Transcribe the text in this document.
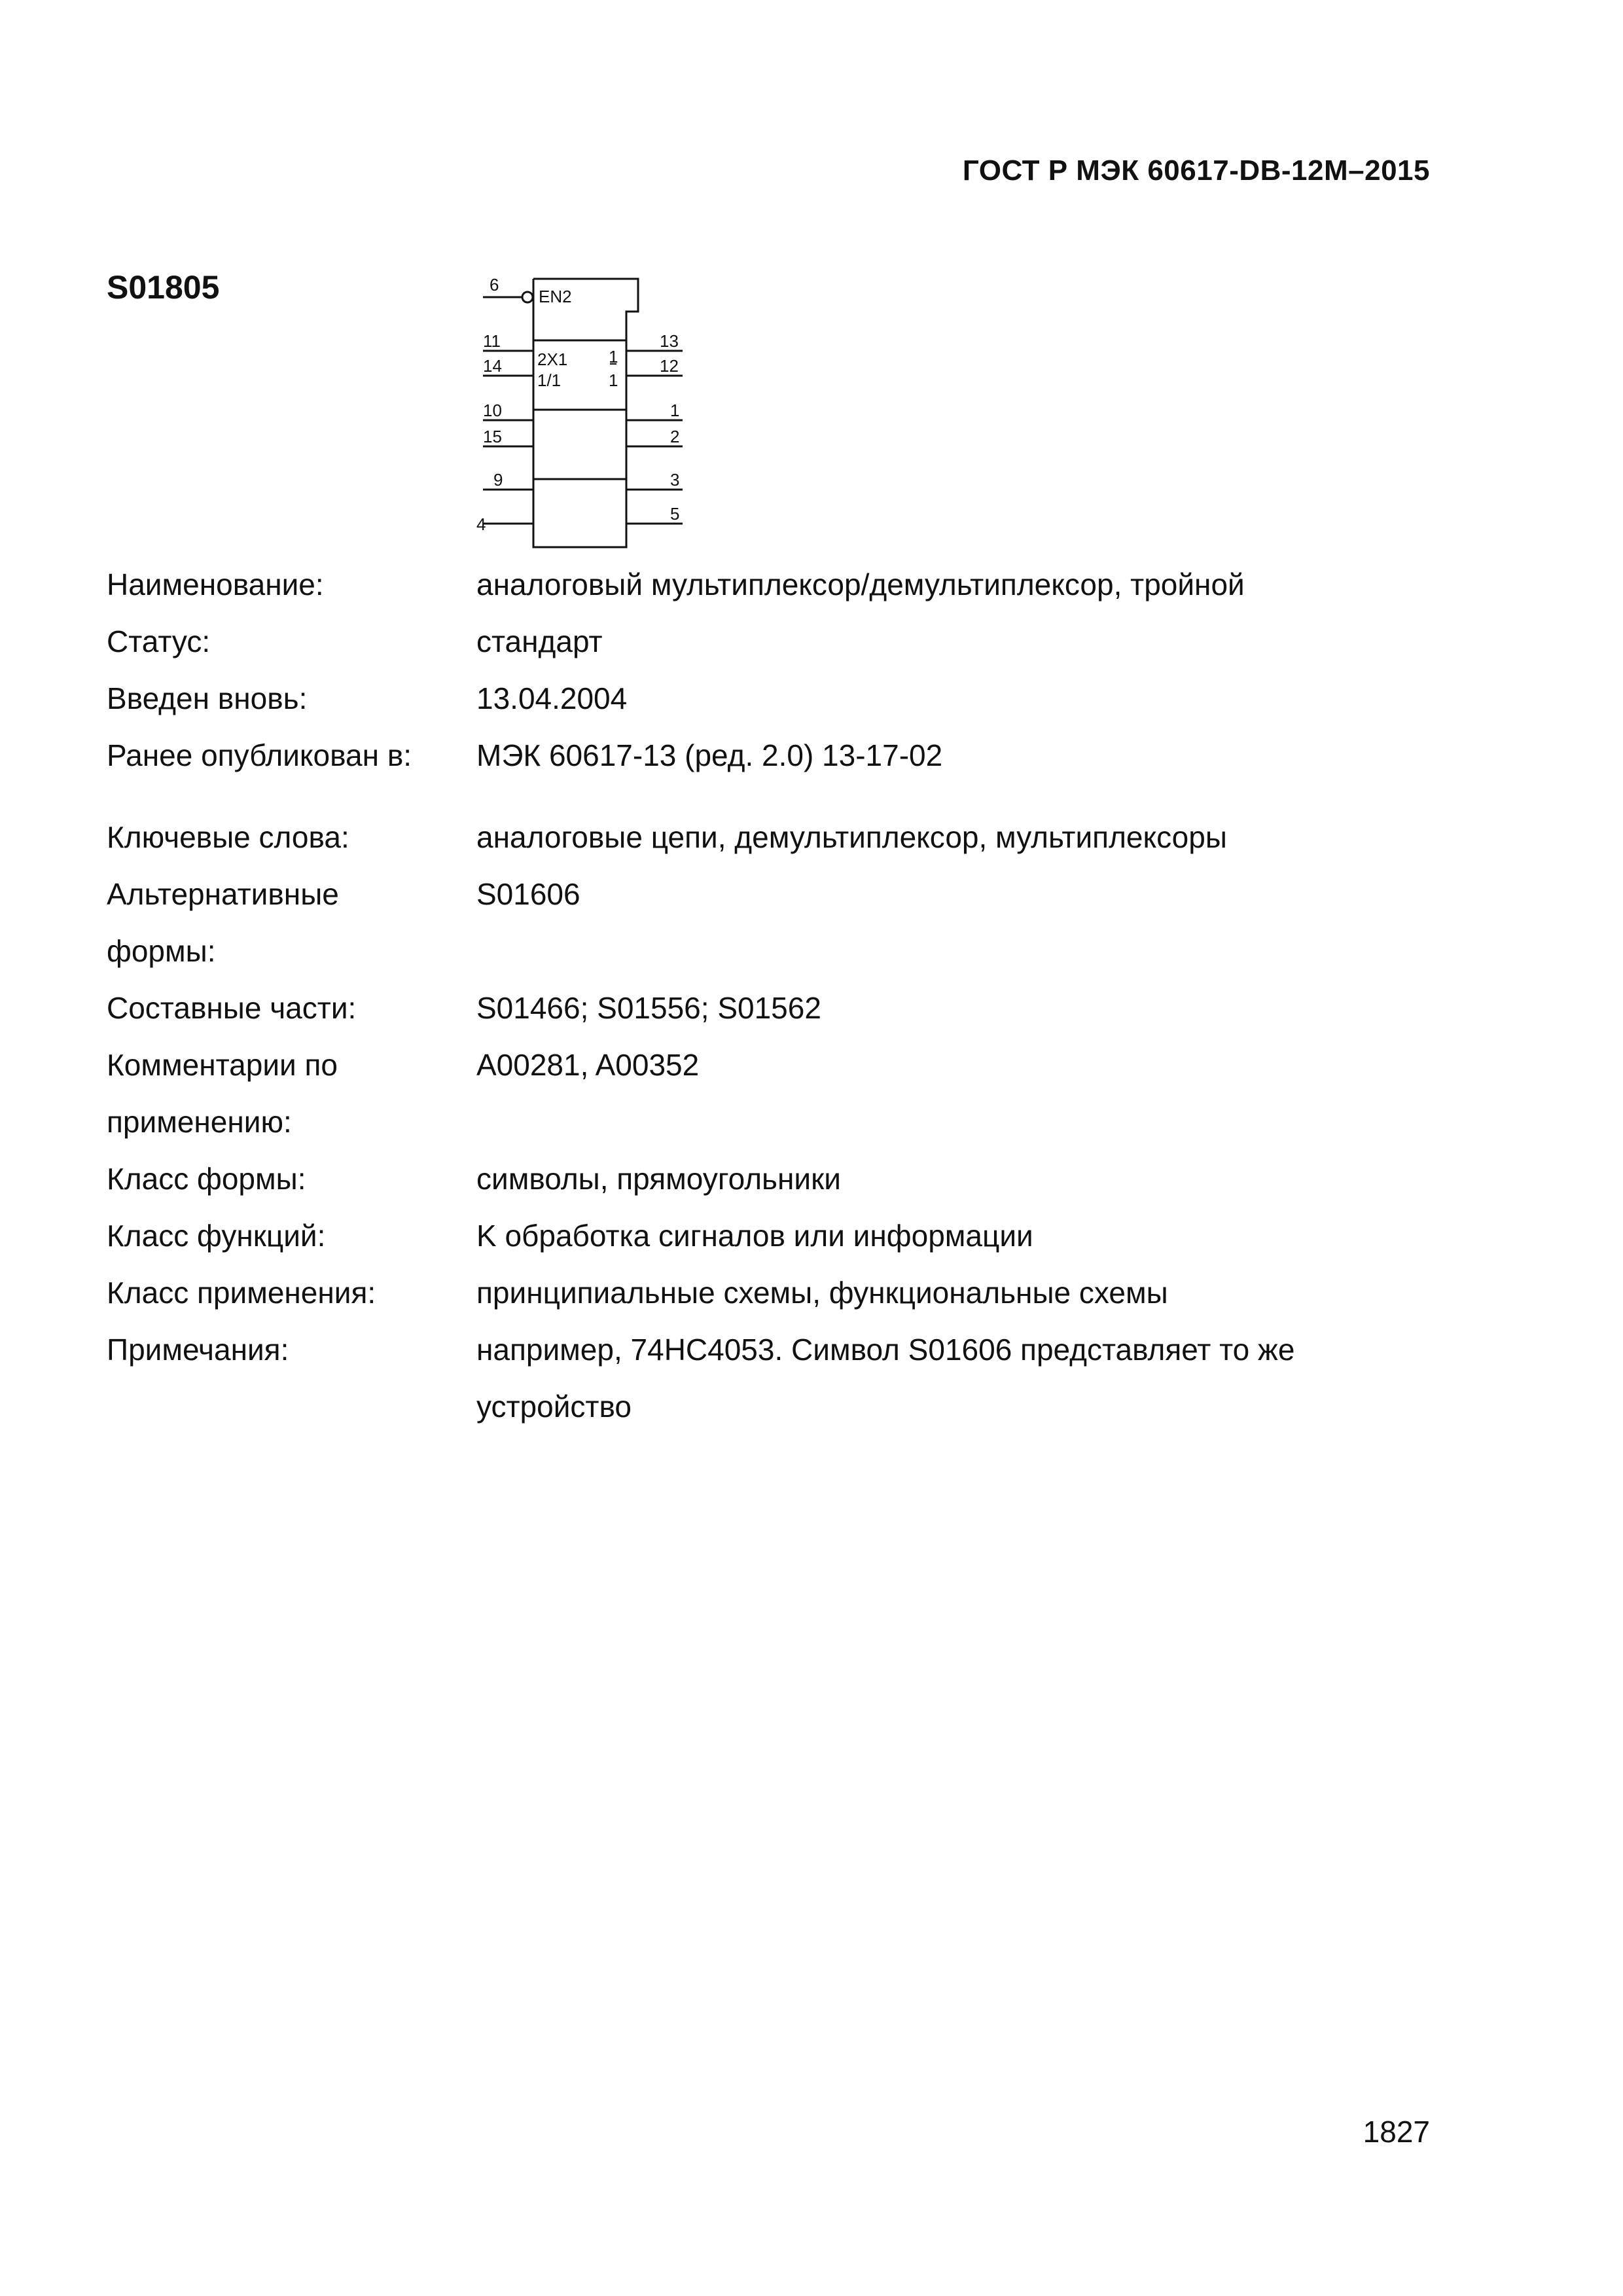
ГОСТ Р МЭК 60617-DB-12M–2015
S01805	6
EN2
2X1
1/1
1
1
11
14
10
15
9
4
13
12
1
2
3
5
Наименование:	аналоговый мультиплексор/демультиплексор, тройной
Статус:	стандарт
Введен вновь:	13.04.2004
Ранее опубликован в:	МЭК 60617-13 (ред. 2.0) 13-17-02
Ключевые слова:	аналоговые цепи, демультиплексор, мультиплексоры
Альтернативные формы:
S01606
Составные части:	S01466; S01556; S01562
Комментарии по применению:
A00281, A00352
Класс формы:	символы, прямоугольники
Класс функций:	K обработка сигналов или информации
Класс применения:	принципиальные схемы, функциональные схемы
Примечания:	например, 74HC4053. Символ S01606 представляет то же устройство
1827
